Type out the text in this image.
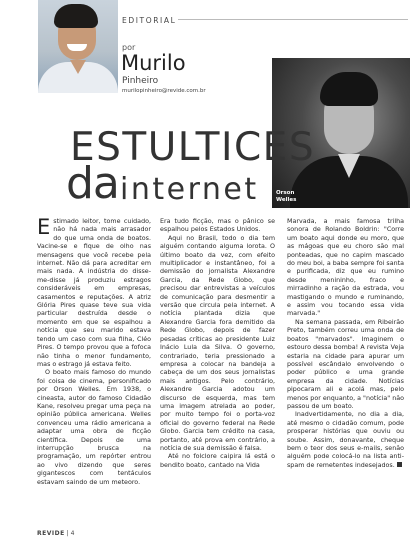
EDITORIAL
por
Murilo
Pinheiro
murilopinheiro@revide.com.br
Orson
Welles
ESTULTICES
da internet

Estimado leitor, tome cuidado, não há nada mais arrasador do que uma onda de boatos. Vacine-se e fique de olho nas mensagens que você recebe pela internet. Não dá para acreditar em mais nada. A indústria do disse-me-disse já produziu estragos consideráveis em empresas, casamentos e reputações. A atriz Glória Pires quase teve sua vida particular destruída desde o momento em que se espalhou a notícia que seu marido estava tendo um caso com sua filha, Cléo Pires. O tempo provou que a fofoca não tinha o menor fundamento, mas o estrago já estava feito.

O boato mais famoso do mundo foi coisa de cinema, personificado por Orson Welles. Em 1938, o cineasta, autor do famoso Cidadão Kane, resolveu pregar uma peça na opinião pública americana. Welles convenceu uma rádio americana a adaptar uma obra de ficção científica. Depois de uma interrupção brusca na programação, um repórter entrou ao vivo dizendo que seres gigantescos com tentáculos estavam saindo de um meteoro.

Era tudo ficção, mas o pânico se espalhou pelos Estados Unidos.

Aqui no Brasil, todo o dia tem alguém contando alguma lorota. O último boato da vez, com efeito multiplicador e instantâneo, foi a demissão do jornalista Alexandre Garcia, da Rede Globo, que precisou dar entrevistas a veículos de comunicação para desmentir a versão que circula pela internet. A notícia plantada dizia que Alexandre Garcia fora demitido da Rede Globo, depois de fazer pesadas críticas ao presidente Luiz Inácio Lula da Silva. O governo, contrariado, teria pressionado a empresa a colocar na bandeja a cabeça de um dos seus jornalistas mais antigos. Pelo contrário, Alexandre Garcia adotou um discurso de esquerda, mas tem uma imagem atrelada ao poder, por muito tempo foi o porta-voz oficial do governo federal na Rede Globo. Garcia tem crédito na casa, portanto, até prova em contrário, a notícia de sua demissão é falsa.

Até no folclore caipira lá está o bendito boato, cantado na Vida

Marvada, a mais famosa trilha sonora de Rolando Boldrin: "Corre um boato aqui donde eu moro, que as mágoas que eu choro são mal ponteadas, que no capim mascado do meu boi, a baba sempre foi santa e purificada, diz que eu rumino desde menininho, fraco e mirradinho a ração da estrada, vou mastigando o mundo e ruminando, e assim vou tocando essa vida marvada."

Na semana passada, em Ribeirão Preto, também correu uma onda de boatos "marvados". Imaginem o estouro dessa bomba! A revista Veja estaria na cidade para apurar um possível escândalo envolvendo o poder público e uma grande empresa da cidade. Notícias pipocaram ali e acolá mas, pelo menos por enquanto, a "notícia" não passou de um boato.

Inadvertidamente, no dia a dia, até mesmo o cidadão comum, pode prosperar histórias que ouviu ou soube. Assim, donavante, cheque bem o teor dos seus e-mails, senão alguém pode colocá-lo na lista anti-spam de remetentes indesejados.

REVIDE | 4
